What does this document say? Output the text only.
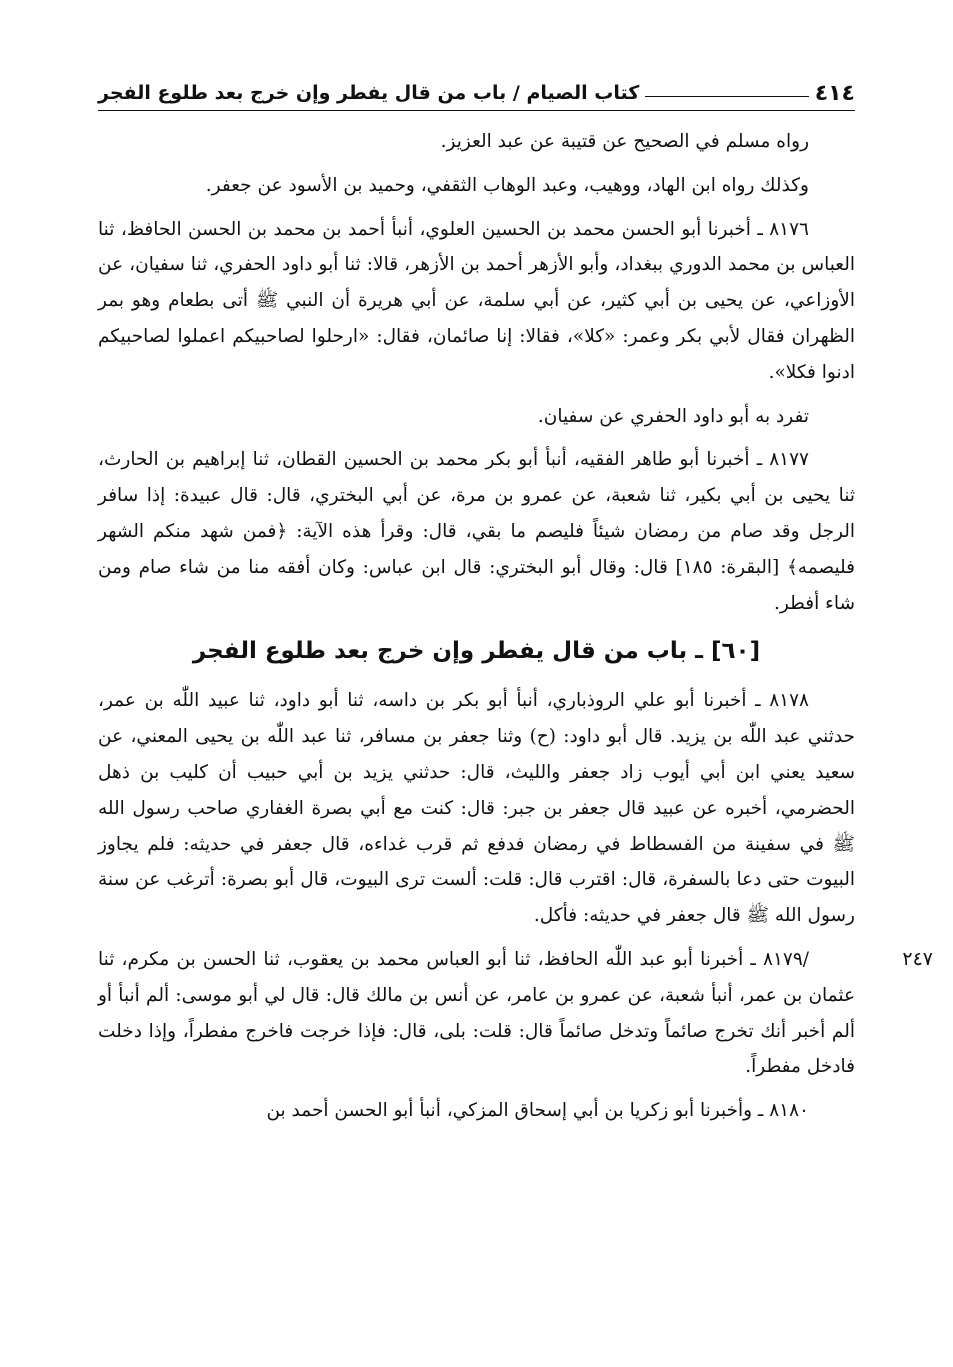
٤١٤
كتاب الصيام / باب من قال يفطر وإن خرج بعد طلوع الفجر

رواه مسلم في الصحيح عن قتيبة عن عبد العزيز.

وكذلك رواه ابن الهاد، ووهيب، وعبد الوهاب الثقفي، وحميد بن الأسود عن جعفر.

٨١٧٦ ـ أخبرنا أبو الحسن محمد بن الحسين العلوي، أنبأ أحمد بن محمد بن الحسن الحافظ، ثنا العباس بن محمد الدوري ببغداد، وأبو الأزهر أحمد بن الأزهر، قالا: ثنا أبو داود الحفري، ثنا سفيان، عن الأوزاعي، عن يحيى بن أبي كثير، عن أبي سلمة، عن أبي هريرة أن النبي ﷺ أتى بطعام وهو بمر الظهران فقال لأبي بكر وعمر: «كلا»، فقالا: إنا صائمان، فقال: «ارحلوا لصاحبيكم اعملوا لصاحبيكم ادنوا فكلا».

تفرد به أبو داود الحفري عن سفيان.

٨١٧٧ ـ أخبرنا أبو طاهر الفقيه، أنبأ أبو بكر محمد بن الحسين القطان، ثنا إبراهيم بن الحارث، ثنا يحيى بن أبي بكير، ثنا شعبة، عن عمرو بن مرة، عن أبي البختري، قال: قال عبيدة: إذا سافر الرجل وقد صام من رمضان شيئاً فليصم ما بقي، قال: وقرأ هذه الآية: ﴿فمن شهد منكم الشهر فليصمه﴾ [البقرة: ١٨٥] قال: وقال أبو البختري: قال ابن عباس: وكان أفقه منا من شاء صام ومن شاء أفطر.

[٦٠] ـ باب من قال يفطر وإن خرج بعد طلوع الفجر

٨١٧٨ ـ أخبرنا أبو علي الروذباري، أنبأ أبو بكر بن داسه، ثنا أبو داود، ثنا عبيد اللّٰه بن عمر، حدثني عبد اللّٰه بن يزيد. قال أبو داود: (ح) وثنا جعفر بن مسافر، ثنا عبد اللّٰه بن يحيى المعني، عن سعيد يعني ابن أبي أيوب زاد جعفر والليث، قال: حدثني يزيد بن أبي حبيب أن كليب بن ذهل الحضرمي، أخبره عن عبيد قال جعفر بن جبر: قال: كنت مع أبي بصرة الغفاري صاحب رسول الله ﷺ في سفينة من الفسطاط في رمضان فدفع ثم قرب غداءه، قال جعفر في حديثه: فلم يجاوز البيوت حتى دعا بالسفرة، قال: اقترب قال: قلت: ألست ترى البيوت، قال أبو بصرة: أترغب عن سنة رسول الله ﷺ قال جعفر في حديثه: فأكل.

٢٤٧
/٨١٧٩ ـ أخبرنا أبو عبد اللّٰه الحافظ، ثنا أبو العباس محمد بن يعقوب، ثنا الحسن بن مكرم، ثنا عثمان بن عمر، أنبأ شعبة، عن عمرو بن عامر، عن أنس بن مالك قال: قال لي أبو موسى: ألم أنبأ أو ألم أخبر أنك تخرج صائماً وتدخل صائماً قال: قلت: بلى، قال: فإذا خرجت فاخرج مفطراً، وإذا دخلت فادخل مفطراً.

٨١٨٠ ـ وأخبرنا أبو زكريا بن أبي إسحاق المزكي، أنبأ أبو الحسن أحمد بن
